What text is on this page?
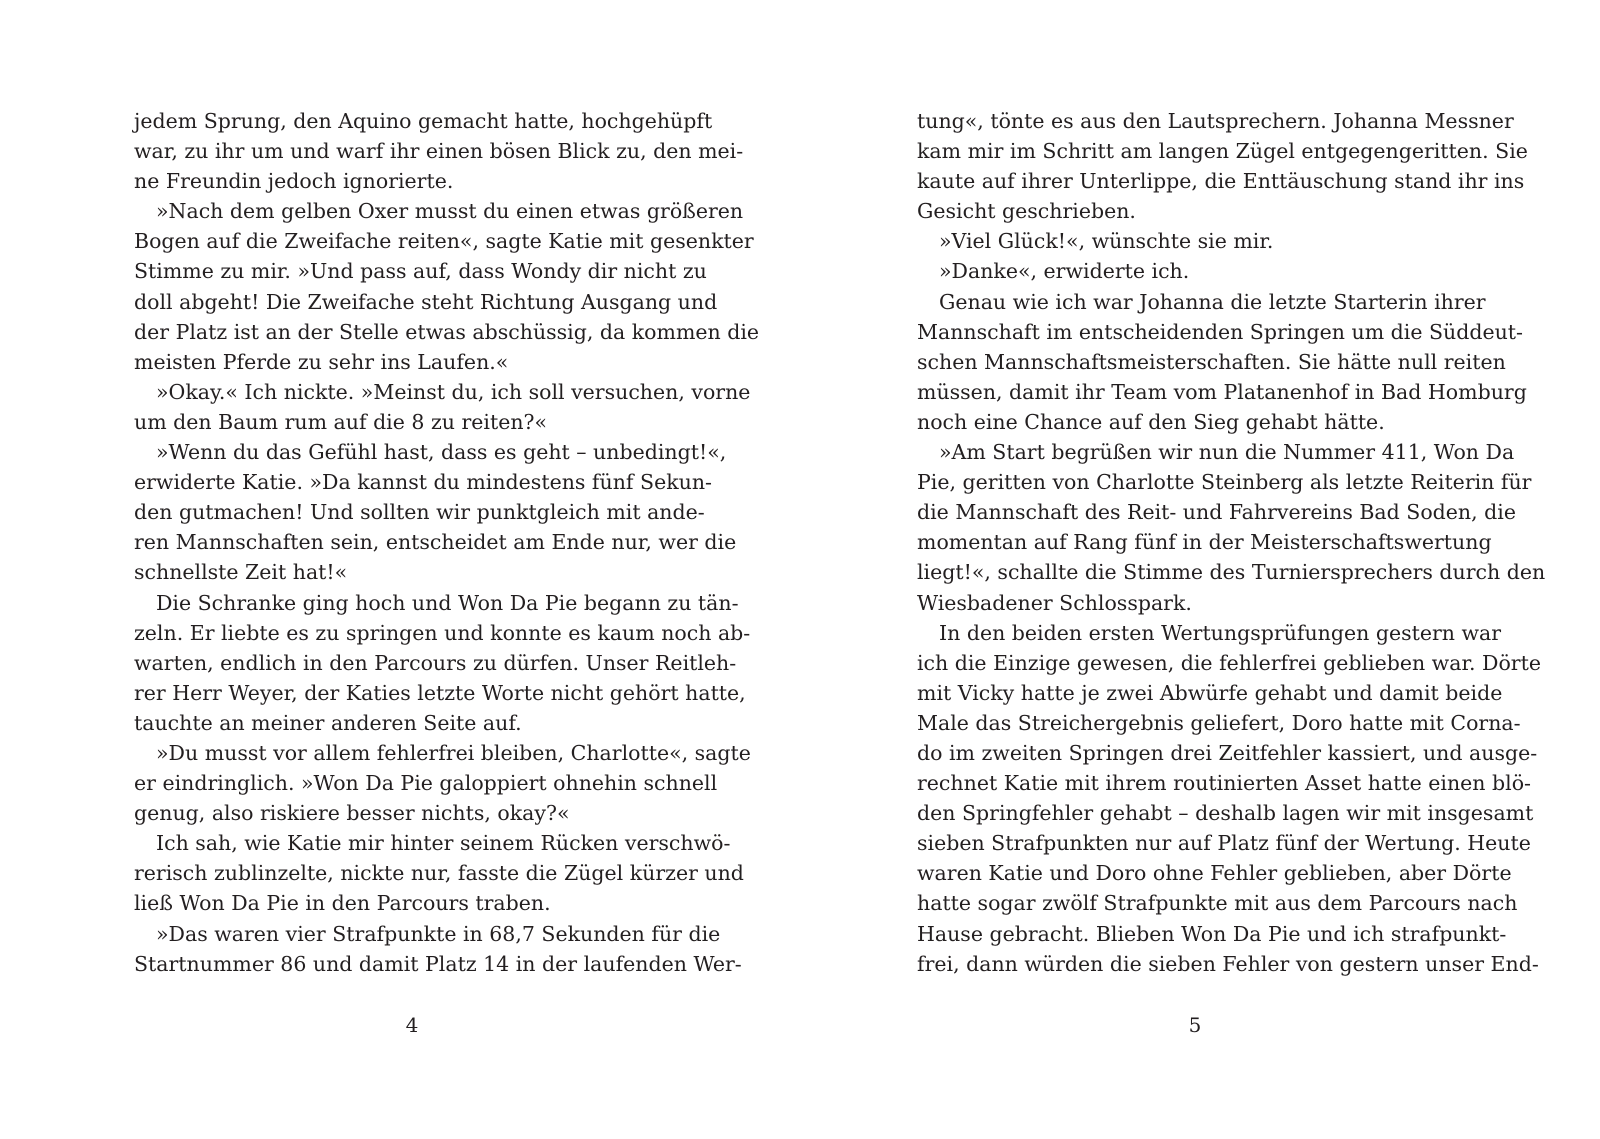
jedem Sprung, den Aquino gemacht hatte, hochgehüpft
war, zu ihr um und warf ihr einen bösen Blick zu, den mei-
ne Freundin jedoch ignorierte.
»Nach dem gelben Oxer musst du einen etwas größeren
Bogen auf die Zweifache reiten«, sagte Katie mit gesenkter
Stimme zu mir. »Und pass auf, dass Wondy dir nicht zu
doll abgeht! Die Zweifache steht Richtung Ausgang und
der Platz ist an der Stelle etwas abschüssig, da kommen die
meisten Pferde zu sehr ins Laufen.«
»Okay.« Ich nickte. »Meinst du, ich soll versuchen, vorne
um den Baum rum auf die 8 zu reiten?«
»Wenn du das Gefühl hast, dass es geht – unbedingt!«,
erwiderte Katie. »Da kannst du mindestens fünf Sekun-
den gutmachen! Und sollten wir punktgleich mit ande-
ren Mannschaften sein, entscheidet am Ende nur, wer die
schnellste Zeit hat!«
Die Schranke ging hoch und Won Da Pie begann zu tän-
zeln. Er liebte es zu springen und konnte es kaum noch ab-
warten, endlich in den Parcours zu dürfen. Unser Reitleh-
rer Herr Weyer, der Katies letzte Worte nicht gehört hatte,
tauchte an meiner anderen Seite auf.
»Du musst vor allem fehlerfrei bleiben, Charlotte«, sagte
er eindringlich. »Won Da Pie galoppiert ohnehin schnell
genug, also riskiere besser nichts, okay?«
Ich sah, wie Katie mir hinter seinem Rücken verschwö-
rerisch zublinzelte, nickte nur, fasste die Zügel kürzer und
ließ Won Da Pie in den Parcours traben.
»Das waren vier Strafpunkte in 68,7 Sekunden für die
Startnummer 86 und damit Platz 14 in der laufenden Wer-
4
tung«, tönte es aus den Lautsprechern. Johanna Messner
kam mir im Schritt am langen Zügel entgegengeritten. Sie
kaute auf ihrer Unterlippe, die Enttäuschung stand ihr ins
Gesicht geschrieben.
»Viel Glück!«, wünschte sie mir.
»Danke«, erwiderte ich.
Genau wie ich war Johanna die letzte Starterin ihrer
Mannschaft im entscheidenden Springen um die Süddeut-
schen Mannschaftsmeisterschaften. Sie hätte null reiten
müssen, damit ihr Team vom Platanenhof in Bad Homburg
noch eine Chance auf den Sieg gehabt hätte.
»Am Start begrüßen wir nun die Nummer 411, Won Da
Pie, geritten von Charlotte Steinberg als letzte Reiterin für
die Mannschaft des Reit- und Fahrvereins Bad Soden, die
momentan auf Rang fünf in der Meisterschaftswertung
liegt!«, schallte die Stimme des Turniersprechers durch den
Wiesbadener Schlosspark.
In den beiden ersten Wertungsprüfungen gestern war
ich die Einzige gewesen, die fehlerfrei geblieben war. Dörte
mit Vicky hatte je zwei Abwürfe gehabt und damit beide
Male das Streichergebnis geliefert, Doro hatte mit Corna-
do im zweiten Springen drei Zeitfehler kassiert, und ausge-
rechnet Katie mit ihrem routinierten Asset hatte einen blö-
den Springfehler gehabt – deshalb lagen wir mit insgesamt
sieben Strafpunkten nur auf Platz fünf der Wertung. Heute
waren Katie und Doro ohne Fehler geblieben, aber Dörte
hatte sogar zwölf Strafpunkte mit aus dem Parcours nach
Hause gebracht. Blieben Won Da Pie und ich strafpunkt-
frei, dann würden die sieben Fehler von gestern unser End-
5
